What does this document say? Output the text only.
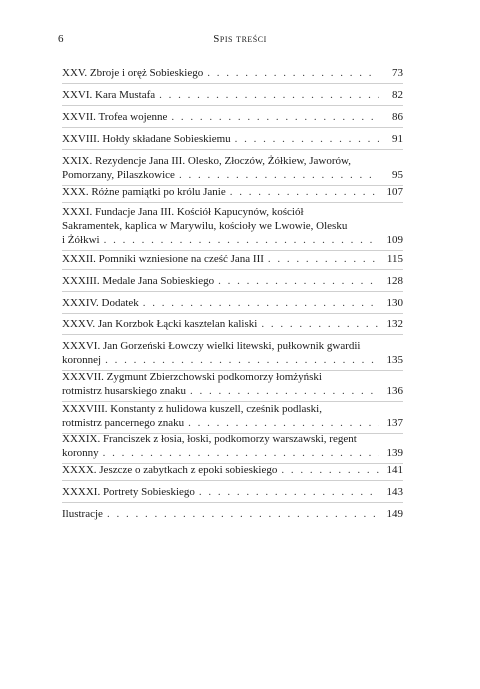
6	Spis treści
XXV. Zbroje i oręż Sobieskiego . . .	73
XXVI. Kara Mustafa . . .	82
XXVII. Trofea wojenne . . .	86
XXVIII. Hołdy składane Sobieskiemu . . .	91
XXIX. Rezydencje Jana III. Olesko, Złoczów, Żółkiew, Jaworów,
Pomorzany, Pilaszkowice . . .	95
XXX. Różne pamiątki po królu Janie . . .	107
XXXI. Fundacje Jana III. Kościół Kapucynów, kościół
Sakramentek, kaplica w Marywilu, kościoły we Lwowie, Olesku
i Żółkwi . . .	109
XXXII. Pomniki wzniesione na cześć Jana III . . .	115
XXXIII. Medale Jana Sobieskiego . . .	128
XXXIV. Dodatek . . .	130
XXXV. Jan Korzbok Łącki kasztelan kaliski . . .	132
XXXVI. Jan Gorzeński Łowczy wielki litewski, pułkownik gwardii
koronnej . . .	135
XXXVII. Zygmunt Zbierzchowski podkomorzy łomżyński
rotmistrz husarskiego znaku . . .	136
XXXVIII. Konstanty z hulidowa kuszell, cześnik podlaski,
rotmistrz pancernego znaku . . .	137
XXXIX. Franciszek z łosia, łoski, podkomorzy warszawski, regent
koronny . . .	139
XXXX. Jeszcze o zabytkach z epoki sobieskiego . . .	141
XXXXI. Portrety Sobieskiego . . .	143
Ilustracje . . .	149
